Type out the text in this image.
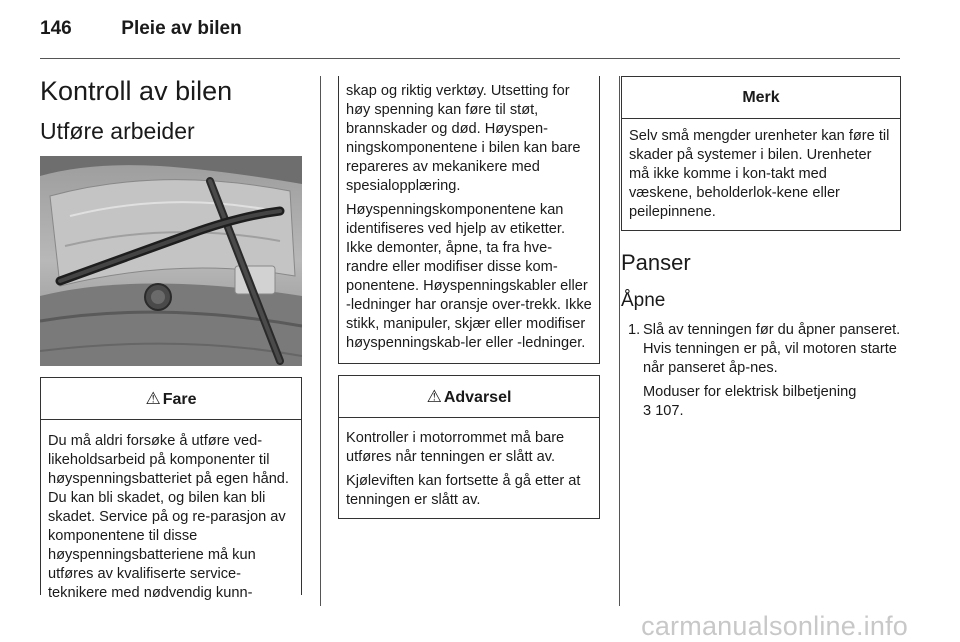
146	Pleie av bilen
Kontroll av bilen
Utføre arbeider
⚠ Fare

Du må aldri forsøke å utføre ved-likeholdsarbeid på komponenter til høyspenningsbatteriet på egen hånd. Du kan bli skadet, og bilen kan bli skadet. Service på og re-parasjon av komponentene til disse høyspenningsbatteriene må kun utføres av kvalifiserte service-teknikere med nødvendig kunn-

skap og riktig verktøy. Utsetting for høy spenning kan føre til støt, brannskader og død. Høyspen-ningskomponentene i bilen kan bare repareres av mekanikere med spesialopplæring.

Høyspenningskomponentene kan identifiseres ved hjelp av etiketter. Ikke demonter, åpne, ta fra hve-randre eller modifiser disse kom-ponentene. Høyspenningskabler eller -ledninger har oransje over-trekk. Ikke stikk, manipuler, skjær eller modifiser høyspenningskab-ler eller -ledninger.

⚠ Advarsel

Kontroller i motorrommet må bare utføres når tenningen er slått av.

Kjøleviften kan fortsette å gå etter at tenningen er slått av.

Merk

Selv små mengder urenheter kan føre til skader på systemer i bilen. Urenheter må ikke komme i kon-takt med væskene, beholderlok-kene eller peilepinnene.

Panser
Åpne
1. Slå av tenningen før du åpner panseret. Hvis tenningen er på, vil motoren starte når panseret åp-nes.

Moduser for elektrisk bilbetjening
3 107.

carmanualsonline.info
